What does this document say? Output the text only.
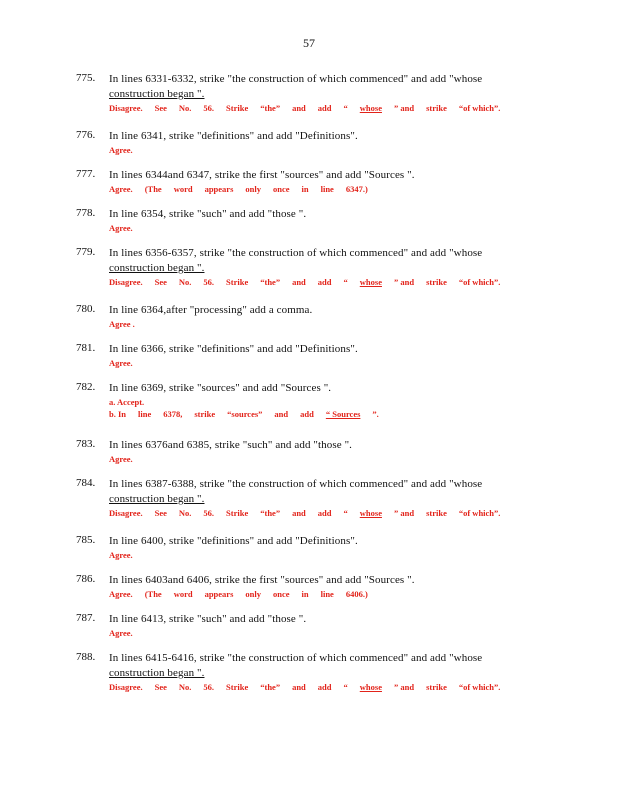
57
775. In lines 6331-6332, strike "the construction of which commenced" and add "whose
construction began ".
Disagree. See No. 56. Strike “the” and add “ whose ” and strike “of which”.
776. In line 6341, strike "definitions" and add "Definitions".
Agree.
777. In lines 6344and 6347, strike the first "sources" and add "Sources ".
Agree. (The word appears only once in line 6347.)
778. In line 6354, strike "such" and add "those ".
Agree.
779. In lines 6356-6357, strike "the construction of which commenced" and add "whose
construction began ".
Disagree. See No. 56. Strike “the” and add “ whose ” and strike “of which”.
780. In line 6364,after "processing" add a comma.
Agree .
781. In line 6366, strike "definitions" and add "Definitions".
Agree.
782. In line 6369, strike "sources" and add "Sources ".
a. Accept.
b. In line 6378, strike “sources” and add “ Sources ”.
783. In lines 6376and 6385, strike "such" and add "those ".
Agree.
784. In lines 6387-6388, strike "the construction of which commenced" and add "whose
construction began ".
Disagree. See No. 56. Strike “the” and add “ whose ” and strike “of which”.
785. In line 6400, strike "definitions" and add "Definitions".
Agree.
786. In lines 6403and 6406, strike the first "sources" and add "Sources ".
Agree. (The word appears only once in line 6406.)
787. In line 6413, strike "such" and add "those ".
Agree.
788. In lines 6415-6416, strike "the construction of which commenced" and add "whose
construction began ".
Disagree. See No. 56. Strike “the” and add “ whose ” and strike “of which”.
